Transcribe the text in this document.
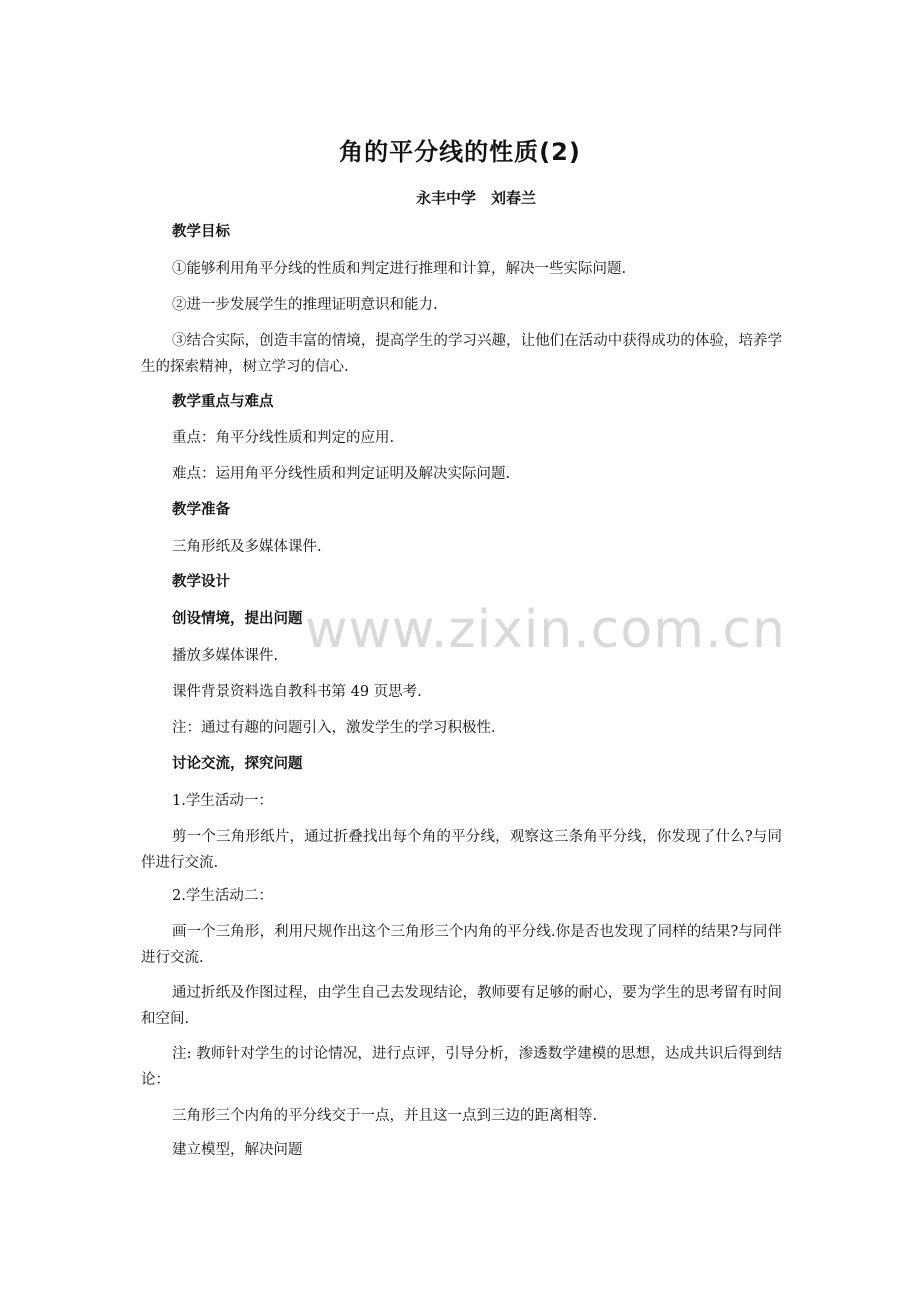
角的平分线的性质(2)
永丰中学　刘春兰
教学目标
①能够利用角平分线的性质和判定进行推理和计算，解决一些实际问题.
②进一步发展学生的推理证明意识和能力.
③结合实际，创造丰富的情境，提高学生的学习兴趣，让他们在活动中获得成功的体验，培养学生的探索精神，树立学习的信心.
教学重点与难点
重点：角平分线性质和判定的应用.
难点：运用角平分线性质和判定证明及解决实际问题.
教学准备
三角形纸及多媒体课件.
教学设计
创设情境，提出问题
播放多媒体课件.
课件背景资料选自教科书第 49 页思考.
注：通过有趣的问题引入，激发学生的学习积极性.
讨论交流，探究问题
1.学生活动一：
剪一个三角形纸片，通过折叠找出每个角的平分线，观察这三条角平分线，你发现了什么?与同伴进行交流.
2.学生活动二：
画一个三角形，利用尺规作出这个三角形三个内角的平分线.你是否也发现了同样的结果?与同伴进行交流.
通过折纸及作图过程，由学生自己去发现结论，教师要有足够的耐心，要为学生的思考留有时间和空间.
注: 教师针对学生的讨论情况，进行点评，引导分析，渗透数学建模的思想，达成共识后得到结论：
三角形三个内角的平分线交于一点，并且这一点到三边的距离相等.
建立模型，解决问题
www.zixin.com.cn
